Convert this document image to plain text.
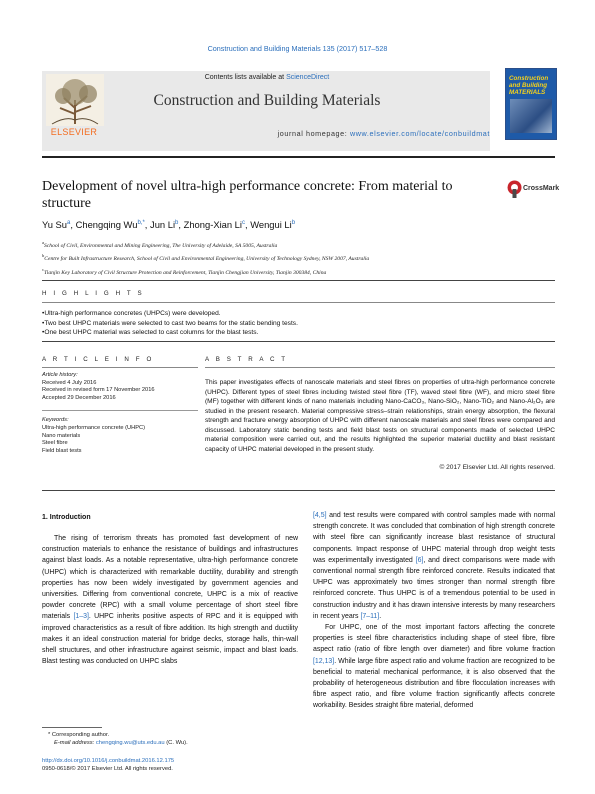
Construction and Building Materials 135 (2017) 517–528
ELSEVIER
Contents lists available at ScienceDirect
Construction and Building Materials
journal homepage: www.elsevier.com/locate/conbuildmat
Construction and Building MATERIALS
Development of novel ultra-high performance concrete: From material to structure
CrossMark
Yu Su$^a$, Chengqing $Wu^{b,*}$, Jun Li$^b$, Zhong-Xian Li$^c$, Wengui Li$^b$
$^a$School of Civil, Environmental and Mining Engineering, The University of Adelaide, SA 5005, Australia
$^b$Centre for Built Infrastructure Research, School of Civil and Environmental Engineering, University of Technology Sydney, NSW 2007, Australia
$^c$Tianjin Key Laboratory of Civil Structure Protection and Reinforcement, Tianjin Chengjian University, Tianjin 300384, China
H I G H L I G H T S
• Ultra-high performance concretes (UHPCs) were developed.
• Two best UHPC materials were selected to cast two beams for the static bending tests.
• One best UHPC material was selected to cast columns for the blast tests.
A R T I C L E I N F O	A B S T R A C T
Article history:
Received 4 July 2016
Received in revised form 17 November 2016
Accepted 29 December 2016
Keywords:
Ultra-high performance concrete (UHPC)
Nano materials
Steel fibre
Field blast tests
This paper investigates effects of nanoscale materials and steel fibres on properties of ultra-high performance concrete (UHPC). Different types of steel fibres including twisted steel fibre (TF), waved steel fibre (WF), and micro steel fibre (MF) together with different kinds of nano materials including Nano-CaCO₃, Nano-SiO₂, Nano-TiO₂ and Nano-Al₂O₃ are studied in the present research. Material compressive stress–strain relationships, strain energy absorption, the flexural strength and fracture energy absorption of UHPC with different nanoscale materials and steel fibres were compared and discussed. Laboratory static bending tests and field blast tests on structural components made of selected UHPC material composition were carried out, and the results highlighted the superior material ductility and blast resistant capacity of UHPC material developed in the present study.
© 2017 Elsevier Ltd. All rights reserved.
1. Introduction

The rising of terrorism threats has promoted fast development of new construction materials to enhance the resistance of buildings and infrastructures against blast loads. As a notable representative, ultra-high performance concrete (UHPC) which is characterized with remarkable ductility, durability and strength properties has now been widely investigated by government agencies and universities. Differing from conventional concrete, UHPC is a mix of reactive powder concrete (RPC) with a small volume percentage of short steel fibre materials [1–3]. UHPC inherits positive aspects of RPC and it is equipped with improved characteristics as a result of fibre addition. Its high strength and ductility makes it an ideal construction material for bridge decks, storage halls, thin-wall shell structures, and other infrastructure against seismic, impact and blast loads. Blast testing was conducted on UHPC slabs

[4,5] and test results were compared with control samples made with normal strength concrete. It was concluded that combination of high strength concrete with steel fibre can significantly increase blast resistance of structural components. Impact response of UHPC material through drop weight tests was experimentally investigated [6], and direct comparisons were made with conventional normal strength fibre reinforced concrete. Results indicated that UHPC was approximately two times stronger than normal strength fibre reinforced concrete. Thus UHPC is of a tremendous potential to be used in construction industry and it has drawn intensive interests by many researchers in recent years [7–11].

For UHPC, one of the most important factors affecting the concrete properties is steel fibre characteristics including shape of steel fibre, fibre aspect ratio (ratio of fibre length over diameter) and fibre volume fraction [12,13]. While large fibre aspect ratio and volume fraction are recognized to be beneficial to material mechanical performance, it is also observed that the probability of heterogeneous distribution and fibre flocculation increases with fibre aspect ratio, and fibre volume fraction significantly affects concrete workability. Besides straight fibre material, deformed

* Corresponding author.
E-mail address: chengqing.wu@uts.edu.au (C. Wu).
http://dx.doi.org/10.1016/j.conbuildmat.2016.12.175
0950-0618/© 2017 Elsevier Ltd. All rights reserved.
